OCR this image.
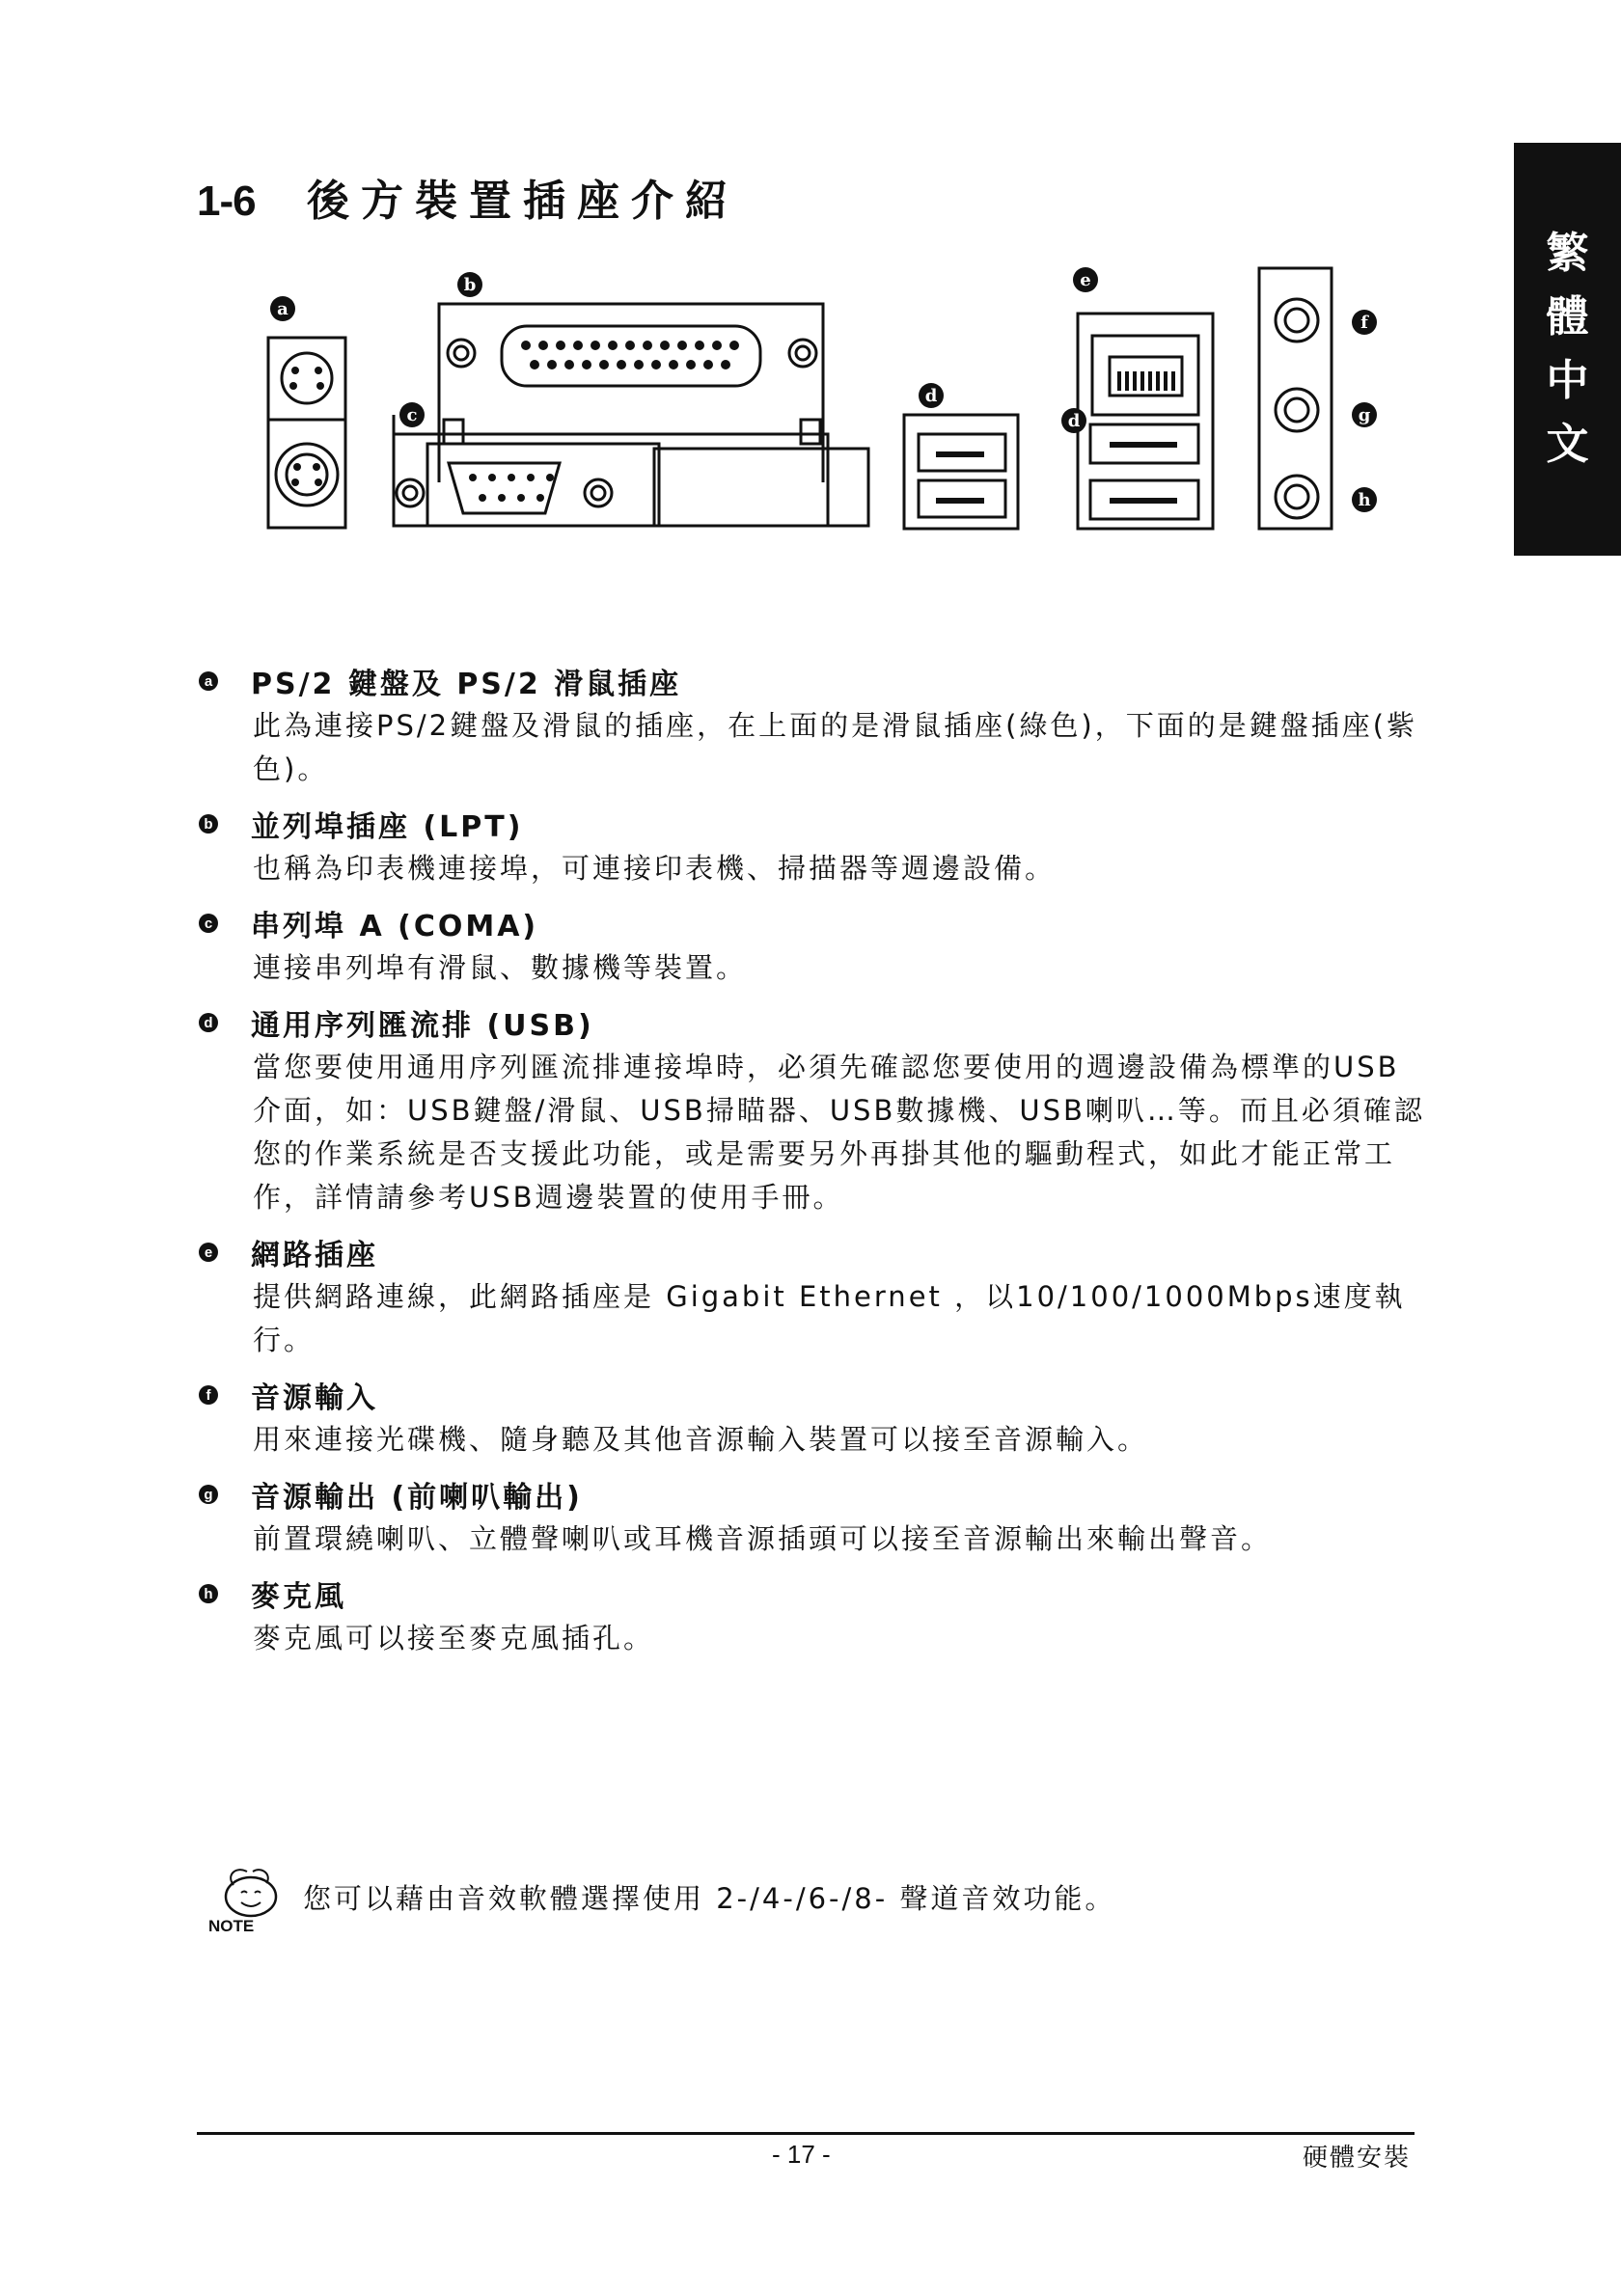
繁
體
中
文
1-6	後方裝置插座介紹
a
b
c
d
d
e
f
g
h
a PS/2 鍵盤及 PS/2 滑鼠插座
此為連接PS/2鍵盤及滑鼠的插座，在上面的是滑鼠插座(綠色)，下面的是鍵盤插座(紫色)。
b 並列埠插座 (LPT)
也稱為印表機連接埠，可連接印表機、掃描器等週邊設備。
c 串列埠 A (COMA)
連接串列埠有滑鼠、數據機等裝置。
d 通用序列匯流排 (USB)
當您要使用通用序列匯流排連接埠時，必須先確認您要使用的週邊設備為標準的USB介面，如：USB鍵盤/滑鼠、USB掃瞄器、USB數據機、USB喇叭…等。而且必須確認您的作業系統是否支援此功能，或是需要另外再掛其他的驅動程式，如此才能正常工作，詳情請參考USB週邊裝置的使用手冊。
e 網路插座
提供網路連線，此網路插座是 Gigabit Ethernet ，以10/100/1000Mbps速度執行。
f 音源輸入
用來連接光碟機、隨身聽及其他音源輸入裝置可以接至音源輸入。
g 音源輸出 (前喇叭輸出)
前置環繞喇叭、立體聲喇叭或耳機音源插頭可以接至音源輸出來輸出聲音。
h 麥克風
麥克風可以接至麥克風插孔。
NOTE
您可以藉由音效軟體選擇使用 2-/4-/6-/8- 聲道音效功能。
- 17 -	硬體安裝
